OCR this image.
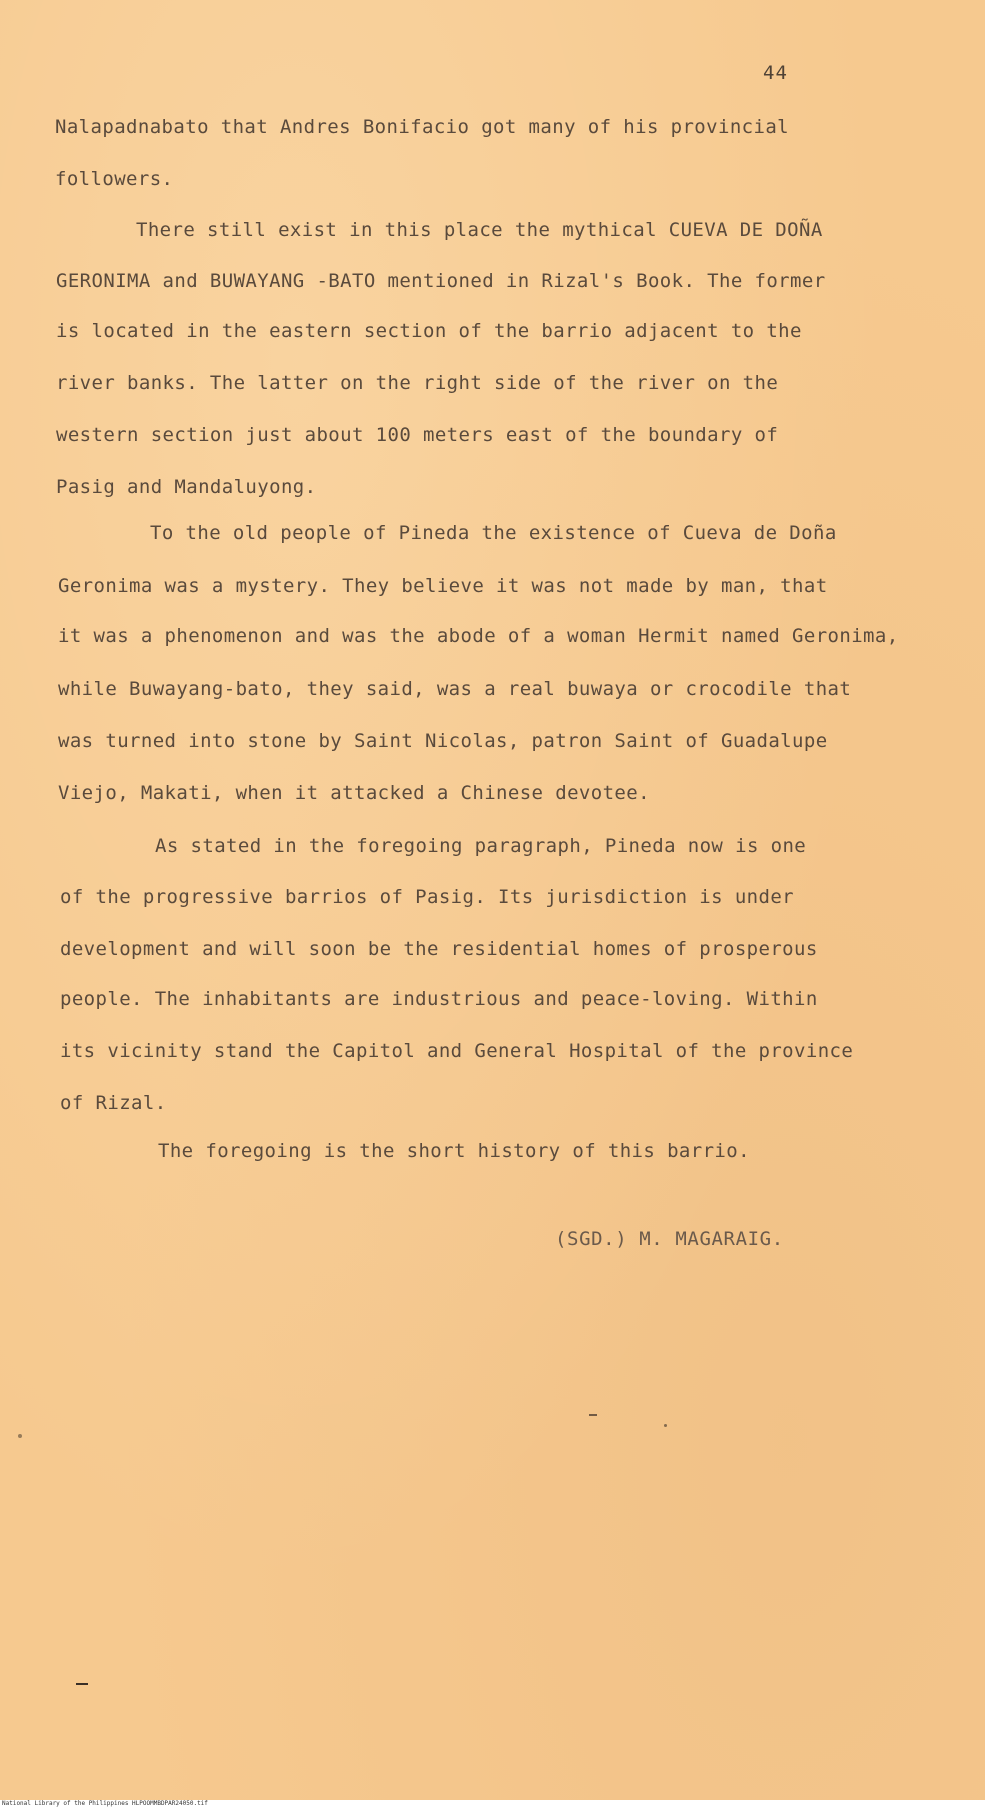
44
Nalapadnabato that Andres Bonifacio got many of his provincial
followers.
There still exist in this place the mythical CUEVA DE DOÑA
GERONIMA and BUWAYANG -BATO mentioned in Rizal's Book. The former
is located in the eastern section of the barrio adjacent to the
river banks. The latter on the right side of the river on the
western section just about 100 meters east of the boundary of
Pasig and Mandaluyong.
To the old people of Pineda the existence of Cueva de Doña
Geronima was a mystery. They believe it was not made by man, that
it was a phenomenon and was the abode of a woman Hermit named Geronima,
while Buwayang-bato, they said, was a real buwaya or crocodile that
was turned into stone by Saint Nicolas, patron Saint of Guadalupe
Viejo, Makati, when it attacked a Chinese devotee.
As stated in the foregoing paragraph, Pineda now is one
of the progressive barrios of Pasig. Its jurisdiction is under
development and will soon be the residential homes of prosperous
people. The inhabitants are industrious and peace-loving. Within
its vicinity stand the Capitol and General Hospital of the province
of Rizal.
The foregoing is the short history of this barrio.
(SGD.) M. MAGARAIG.
National Library of the Philippines HLPOOMMBDPAR24050.tif
